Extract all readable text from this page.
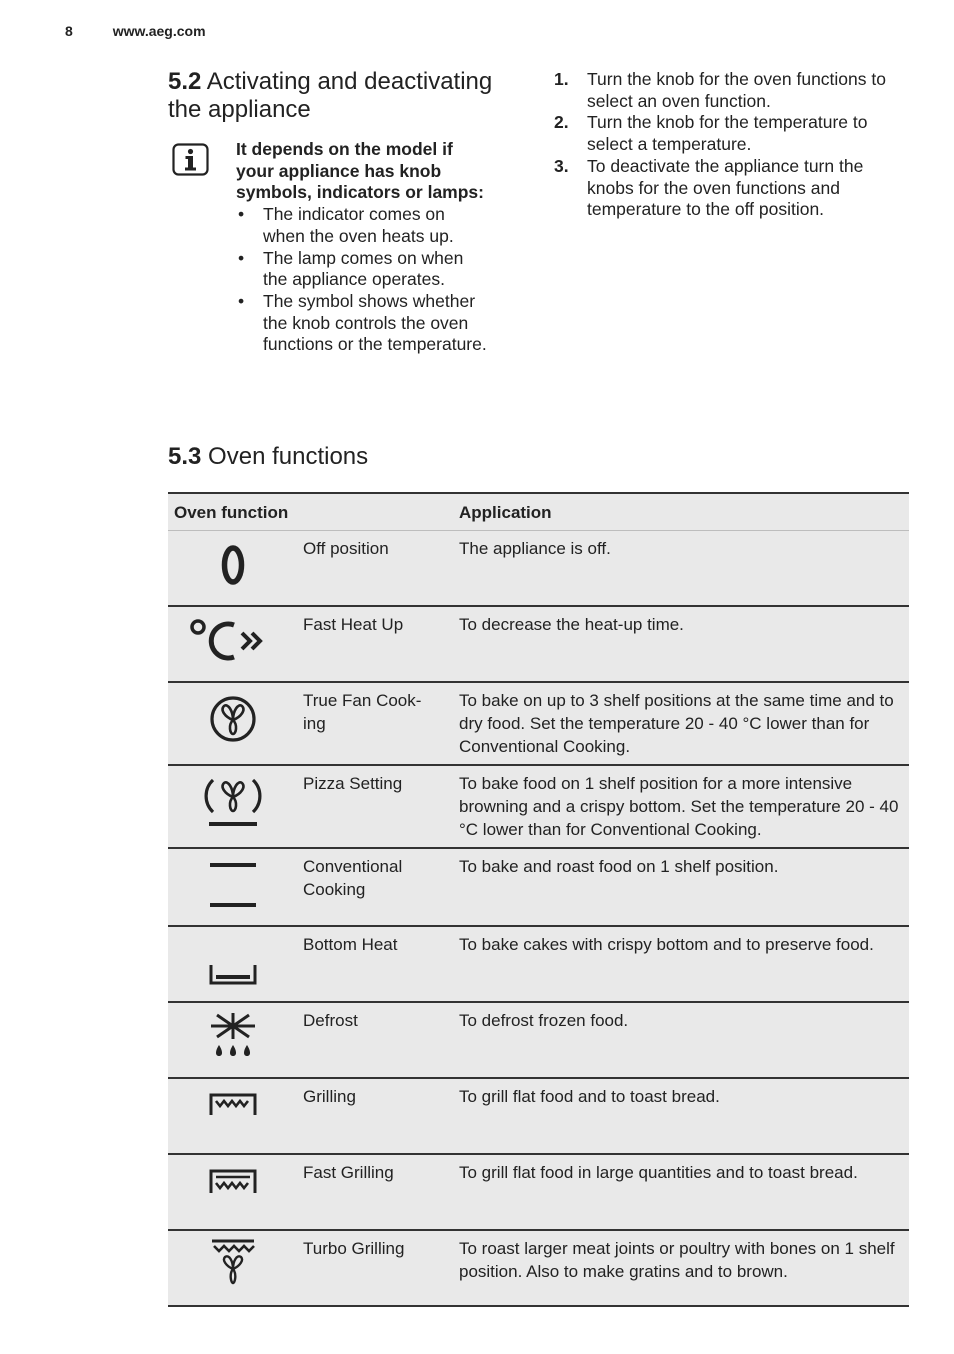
8	www.aeg.com
5.2 Activating and deactivating the appliance
It depends on the model if your appliance has knob symbols, indicators or lamps:
• The indicator comes on when the oven heats up.
• The lamp comes on when the appliance operates.
• The symbol shows whether the knob controls the oven functions or the temperature.
1. Turn the knob for the oven functions to select an oven function.
2. Turn the knob for the temperature to select a temperature.
3. To deactivate the appliance turn the knobs for the oven functions and temperature to the off position.
5.3 Oven functions
Oven function		Application
	Off position	The appliance is off.
	Fast Heat Up	To decrease the heat-up time.
	True Fan Cook-
ing	To bake on up to 3 shelf positions at the same time and to dry food. Set the temperature 20 - 40 °C lower than for Conventional Cooking.
	Pizza Setting	To bake food on 1 shelf position for a more intensive browning and a crispy bottom. Set the temperature 20 - 40 °C lower than for Conventional Cooking.
	Conventional Cooking	To bake and roast food on 1 shelf position.
	Bottom Heat	To bake cakes with crispy bottom and to preserve food.
	Defrost	To defrost frozen food.
	Grilling	To grill flat food and to toast bread.
	Fast Grilling	To grill flat food in large quantities and to toast bread.
	Turbo Grilling	To roast larger meat joints or poultry with bones on 1 shelf position. Also to make gratins and to brown.
